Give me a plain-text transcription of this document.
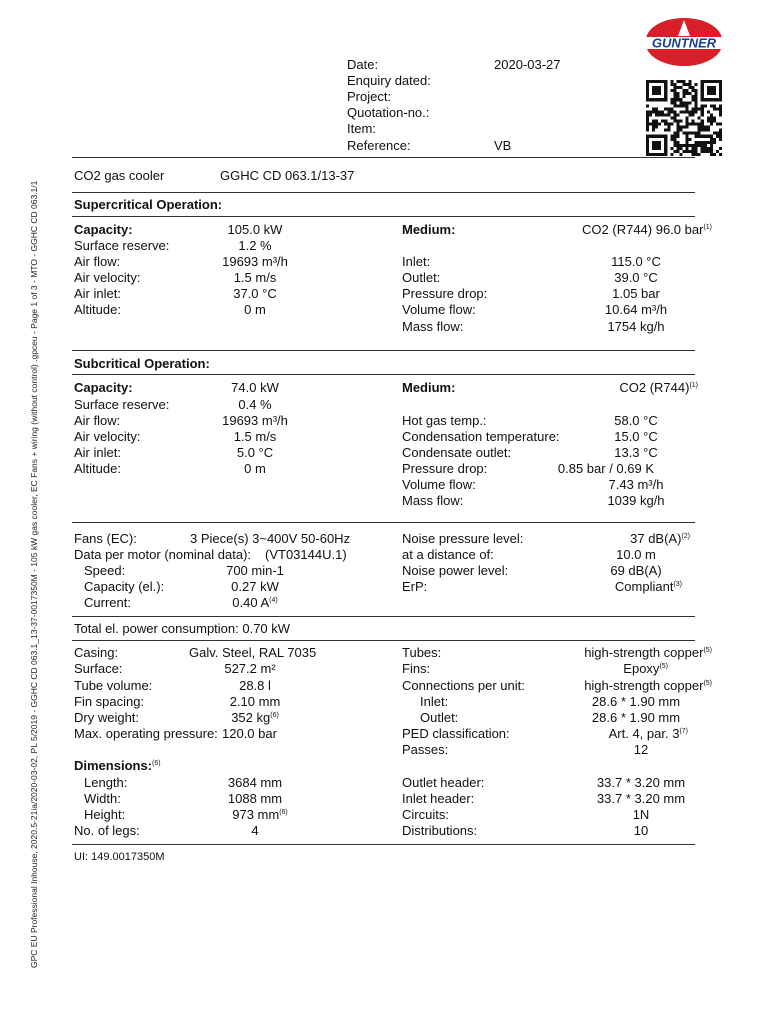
GPC EU Professional Inhouse, 2020.5-21ia/2020-03-02, PL 5/2019 - GGHC CD 063.1_13-37-0017350M - 105 kW gas cooler, EC Fans + wiring (without control) .gpceu - Page 1 of 3 - MTO - GGHC CD 063.1/1
GÜNTNER
Date:	2020-03-27
Enquiry dated:
Project:
Quotation-no.:
Item:
Reference:	VB
CO2 gas cooler	GGHC CD 063.1/13-37
Supercritical Operation:
Capacity:	105.0 kW
Surface reserve:	1.2 %
Air flow:	19693 m³/h
Air velocity:	1.5 m/s
Air inlet:	37.0 °C
Altitude:	0 m
Medium:	CO2 (R744) 96.0 bar$^{(1)}$
Inlet:	115.0 °C
Outlet:	39.0 °C
Pressure drop:	1.05 bar
Volume flow:	10.64 m³/h
Mass flow:	1754 kg/h
Subcritical Operation:
Capacity:	74.0 kW
Surface reserve:	0.4 %
Air flow:	19693 m³/h
Air velocity:	1.5 m/s
Air inlet:	5.0 °C
Altitude:	0 m
Medium:	CO2 $(R744)^{(1)}$
Hot gas temp.:	58.0 °C
Condensation temperature:	15.0 °C
Condensate outlet:	13.3 °C
Pressure drop:	0.85 bar / 0.69 K
Volume flow:	7.43 m³/h
Mass flow:	1039 kg/h
Fans (EC):	3 Piece(s) 3~400V 50-60Hz
Data per motor (nominal data): (VT03144U.1)
Speed:	700 min-1
Capacity (el.):	0.27 kW
Current:	0.40 $A^{(4)}$
Noise pressure level:	37 $dB(A)^{(2)}$
at a distance of:	10.0 m
Noise power level:	69 dB(A)
ErP:	Compliant$^{(3)}$
Total el. power consumption: 0.70 kW
Casing:	Galv. Steel, RAL 7035
Surface:	527.2 m²
Tube volume:	28.8 l
Fin spacing:	2.10 mm
Dry weight:	352 $kg^{(6)}$
Max. operating pressure: 120.0 bar
Tubes:	high-strength copper$^{(5)}$
Fins:	Epoxy$^{(5)}$
Connections per unit:	high-strength copper$^{(5)}$
Inlet:	28.6 * 1.90 mm
Outlet:	28.6 * 1.90 mm
PED classification:	Art. 4, par. 3$^{(7)}$
Passes:	12
Dimensions:$^{(6)}$
Length:	3684 mm
Width:	1088 mm
Height:	973 $mm^{(6)}$
No. of legs:	4
Outlet header:	33.7 * 3.20 mm
Inlet header:	33.7 * 3.20 mm
Circuits:	1N
Distributions:	10
UI: 149.0017350M
